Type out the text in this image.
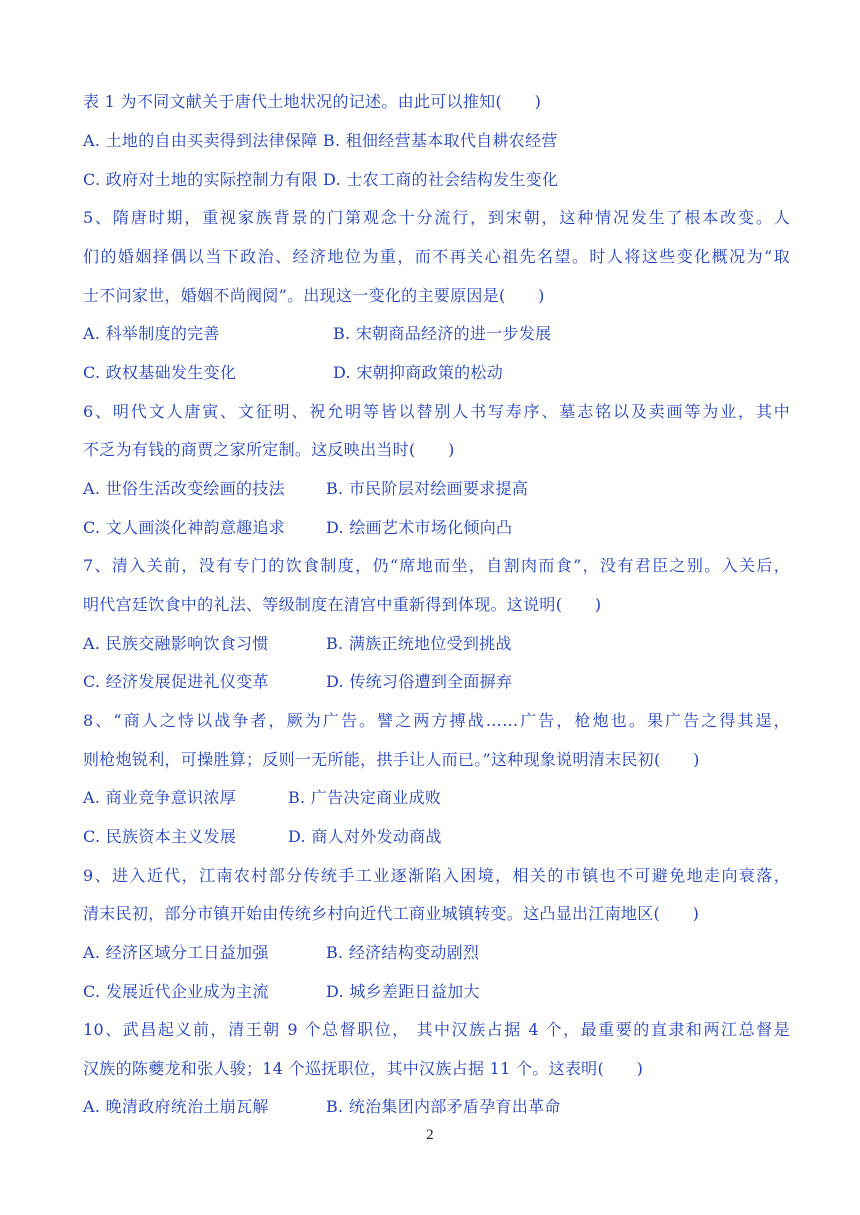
表 1 为不同文献关于唐代土地状况的记述。由此可以推知(　　)
A. 土地的自由买卖得到法律保障 B. 租佃经营基本取代自耕农经营
C. 政府对土地的实际控制力有限 D. 士农工商的社会结构发生变化
5、隋唐时期，重视家族背景的门第观念十分流行，到宋朝，这种情况发生了根本改变。人
们的婚姻择偶以当下政治、经济地位为重，而不再关心祖先名望。时人将这些变化概况为“取
士不问家世，婚姻不尚阀阅”。出现这一变化的主要原因是(　　)
A. 科举制度的完善	B. 宋朝商品经济的进一步发展
C. 政权基础发生变化	D. 宋朝抑商政策的松动
6、明代文人唐寅、文征明、祝允明等皆以替别人书写寿序、墓志铭以及卖画等为业，其中
不乏为有钱的商贾之家所定制。这反映出当时(　　)
A. 世俗生活改变绘画的技法	B. 市民阶层对绘画要求提高
C. 文人画淡化神韵意趣追求	D. 绘画艺术市场化倾向凸
7、清入关前，没有专门的饮食制度，仍“席地而坐，自割肉而食”，没有君臣之别。入关后，
明代宫廷饮食中的礼法、等级制度在清宫中重新得到体现。这说明(　　)
A. 民族交融影响饮食习惯	B. 满族正统地位受到挑战
C. 经济发展促进礼仪变革	D. 传统习俗遭到全面摒弃
8、“商人之恃以战争者，厥为广告。譬之两方搏战……广告，枪炮也。果广告之得其逞，
则枪炮锐利，可操胜算；反则一无所能，拱手让人而已。”这种现象说明清末民初(　　)
A. 商业竞争意识浓厚	B. 广告决定商业成败
C. 民族资本主义发展	D. 商人对外发动商战
9、进入近代，江南农村部分传统手工业逐渐陷入困境，相关的市镇也不可避免地走向衰落，
清末民初，部分市镇开始由传统乡村向近代工商业城镇转变。这凸显出江南地区(　　)
A. 经济区域分工日益加强	B. 经济结构变动剧烈
C. 发展近代企业成为主流	D. 城乡差距日益加大
10、武昌起义前，清王朝 9 个总督职位， 其中汉族占据 4 个，最重要的直隶和两江总督是
汉族的陈夔龙和张人骏；14 个巡抚职位，其中汉族占据 11 个。这表明(　　)
A. 晚清政府统治土崩瓦解	B. 统治集团内部矛盾孕育出革命
2
